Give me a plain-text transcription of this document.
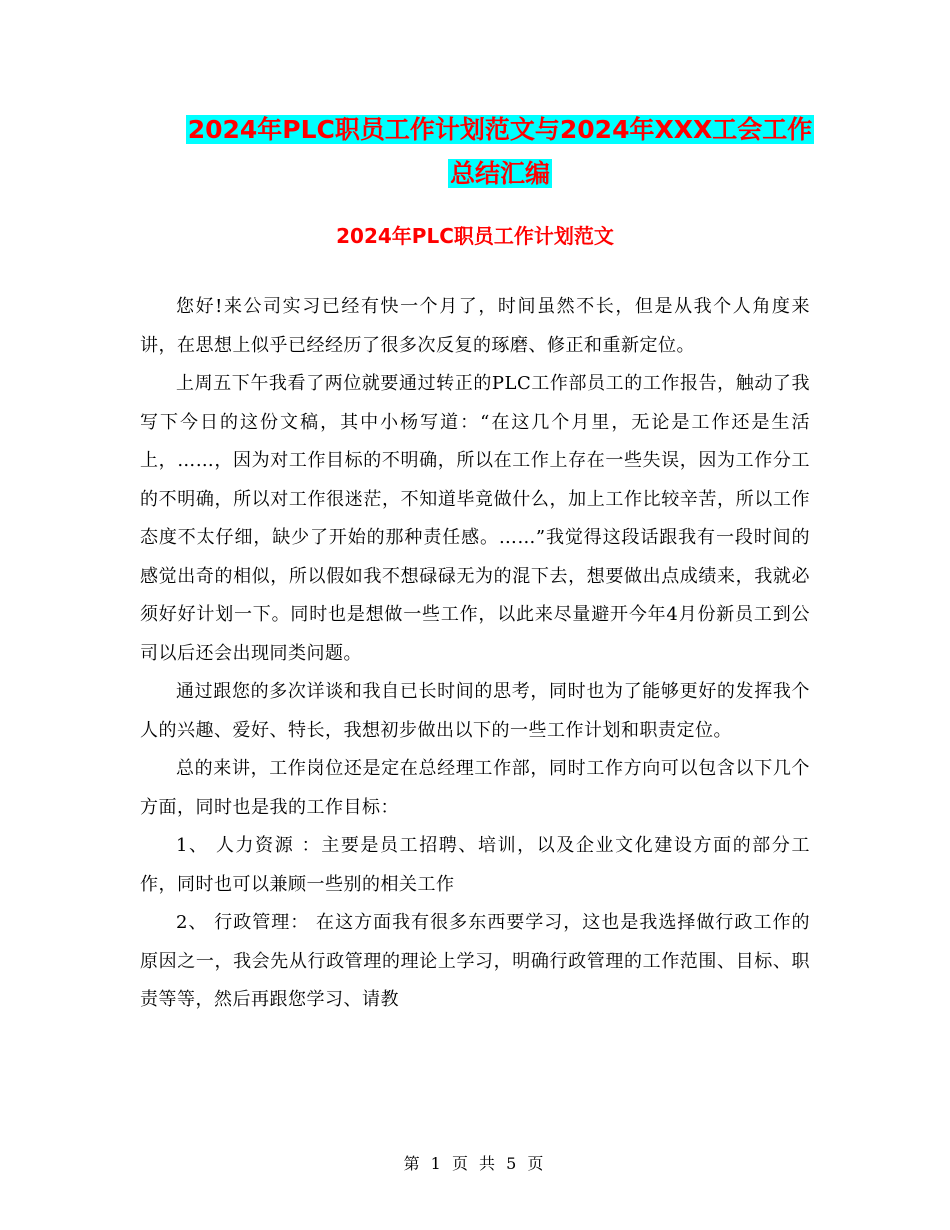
2024年PLC职员工作计划范文与2024年XXX工会工作
总结汇编
2024年PLC职员工作计划范文

您好!来公司实习已经有快一个月了，时间虽然不长，但是从我个人角度来讲，在思想上似乎已经经历了很多次反复的琢磨、修正和重新定位。

上周五下午我看了两位就要通过转正的PLC工作部员工的工作报告，触动了我写下今日的这份文稿，其中小杨写道：“在这几个月里，无论是工作还是生活上，……，因为对工作目标的不明确，所以在工作上存在一些失误，因为工作分工的不明确，所以对工作很迷茫，不知道毕竟做什么，加上工作比较辛苦，所以工作态度不太仔细，缺少了开始的那种责任感。……”我觉得这段话跟我有一段时间的感觉出奇的相似，所以假如我不想碌碌无为的混下去，想要做出点成绩来，我就必须好好计划一下。同时也是想做一些工作，以此来尽量避开今年4月份新员工到公司以后还会出现同类问题。

通过跟您的多次详谈和我自已长时间的思考，同时也为了能够更好的发挥我个人的兴趣、爱好、特长，我想初步做出以下的一些工作计划和职责定位。

总的来讲，工作岗位还是定在总经理工作部，同时工作方向可以包含以下几个方面，同时也是我的工作目标：

1、 人力资源 ：主要是员工招聘、培训，以及企业文化建设方面的部分工作，同时也可以兼顾一些别的相关工作

2、 行政管理： 在这方面我有很多东西要学习，这也是我选择做行政工作的原因之一，我会先从行政管理的理论上学习，明确行政管理的工作范围、目标、职责等等，然后再跟您学习、请教

第 1 页 共 5 页
